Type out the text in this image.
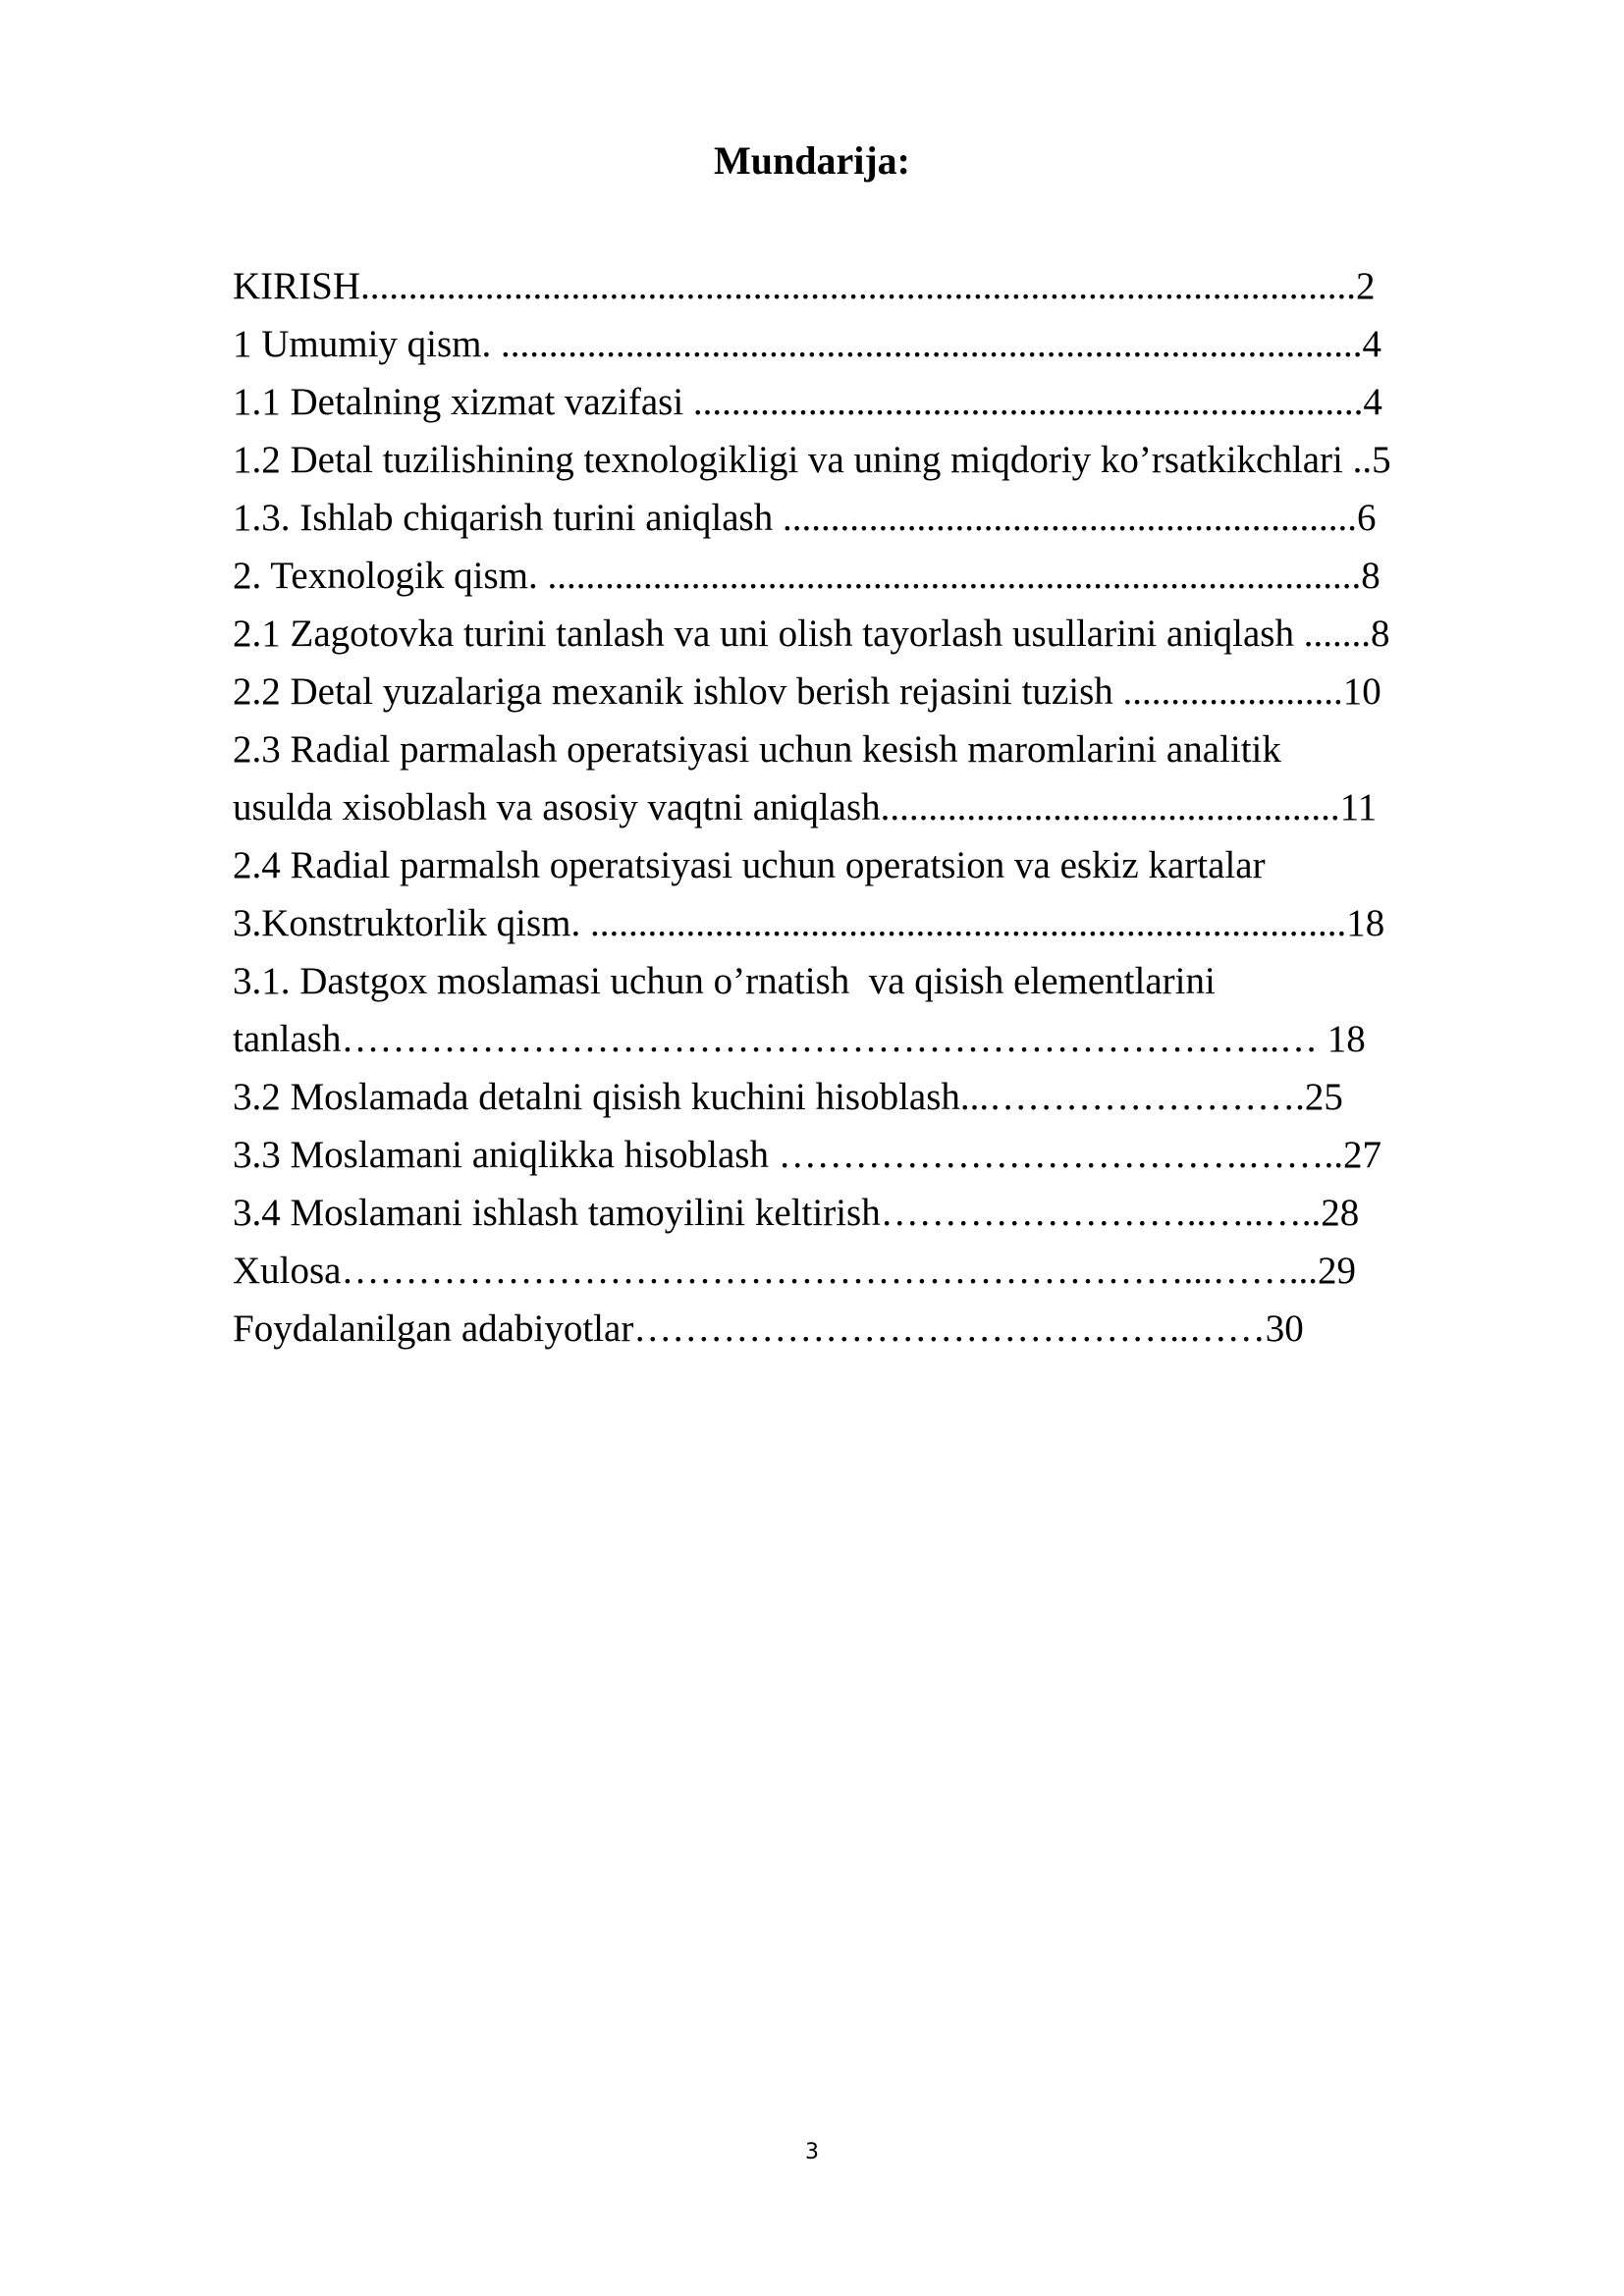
Mundarija:
KIRISH........................................................................................................2
1 Umumiy qism. ..........................................................................................4
1.1 Detalning xizmat vazifasi ......................................................................4
1.2 Detal tuzilishining texnologikligi va uning miqdoriy ko’rsatkikchlari ..5
1.3. Ishlab chiqarish turini aniqlash ............................................................6
2. Texnologik qism. .....................................................................................8
2.1 Zagotovka turini tanlash va uni olish tayorlash usullarini aniqlash .......8
2.2 Detal yuzalariga mexanik ishlov berish rejasini tuzish .......................10
2.3 Radial parmalash operatsiyasi uchun kesish maromlarini analitik
usulda xisoblash va asosiy vaqtni aniqlash................................................11
2.4 Radial parmalsh operatsiyasi uchun operatsion va eskiz kartalar
3.Konstruktorlik qism. ...............................................................................18
3.1. Dastgox moslamasi uchun o’rnatish  va qisish elementlarini
tanlash………………………………………………………………..… 18
3.2 Moslamada detalni qisish kuchini hisoblash...…………………….25
3.3 Moslamani aniqlikka hisoblash ……………………………….……..27
3.4 Moslamani ishlash tamoyilini keltirish……………………..…..…..28
Xulosa…………………………………………………………...……...29
Foydalanilgan adabiyotlar……………………………………..……30
3
